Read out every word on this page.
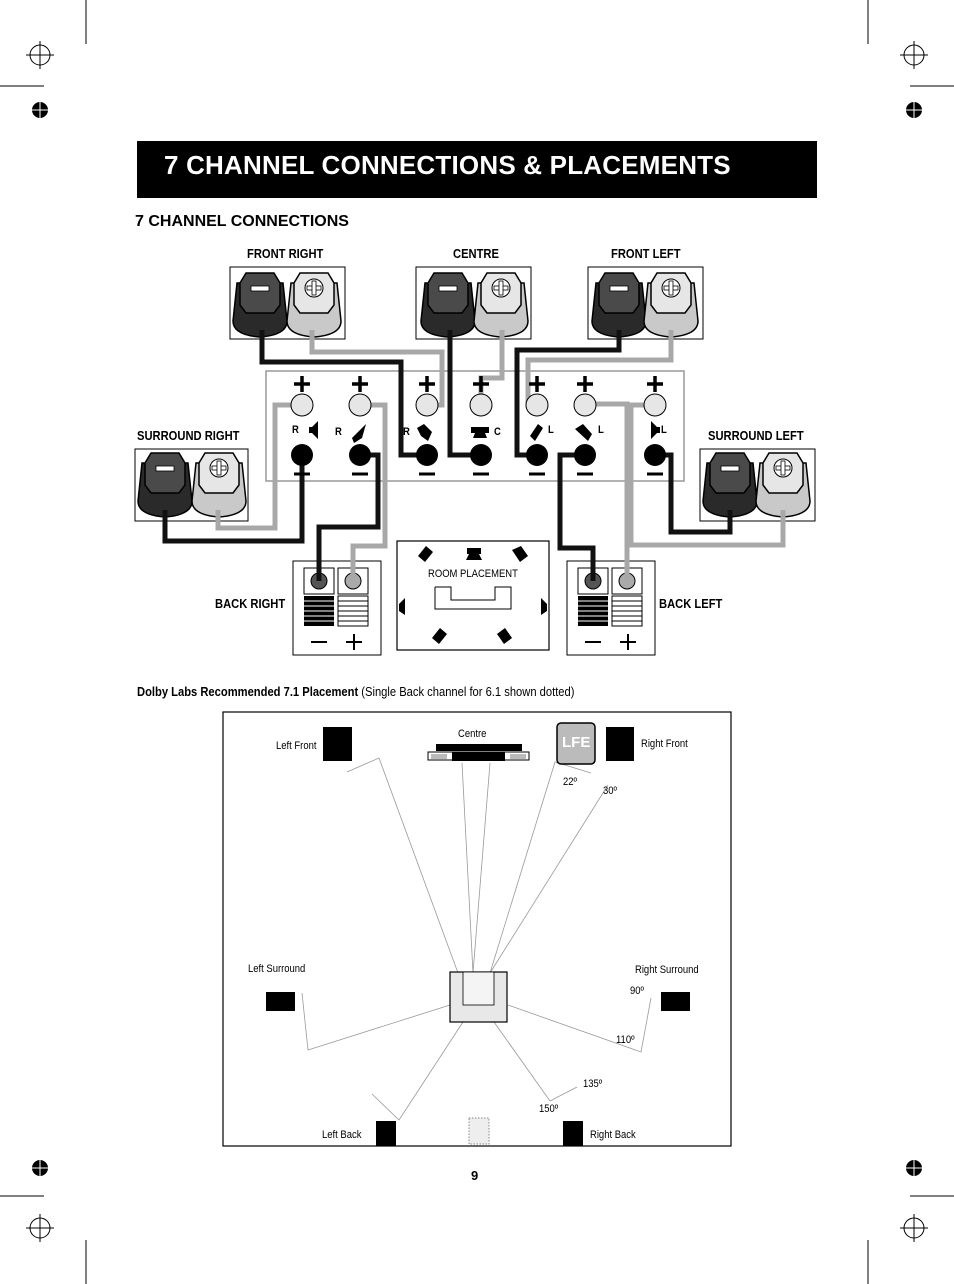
7 CHANNEL CONNECTIONS & PLACEMENTS
7 CHANNEL CONNECTIONS
FRONT RIGHT	CENTRE	FRONT LEFT
SURROUND RIGHT	SURROUND LEFT
BACK RIGHT	BACK LEFT
R	R	R	C	L	L	L
ROOM PLACEMENT
Dolby Labs Recommended 7.1 Placement (Single Back channel for 6.1 shown dotted)
Left Front
Centre	LFE	Right Front
Left Surround	Right Surround
Left Back	Right Back
22º
30º
90º
110º
135º
150º
9
